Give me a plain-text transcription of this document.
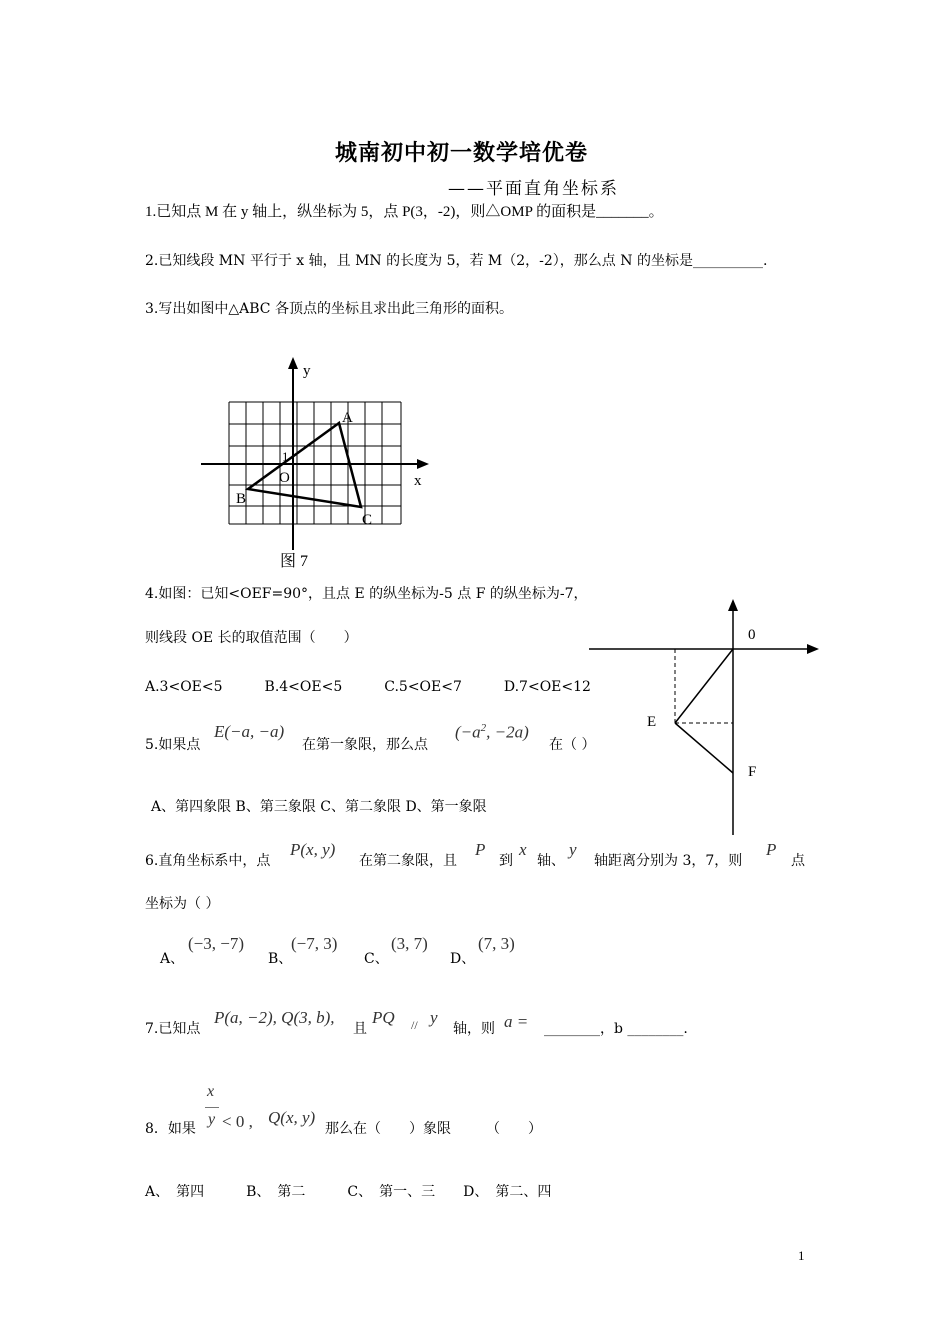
城南初中初一数学培优卷
——平面直角坐标系
1.已知点 M 在 y 轴上，纵坐标为 5，点 P(3，-2)，则△OMP 的面积是_______。
2.已知线段 MN 平行于 x 轴，且 MN 的长度为 5，若 M（2，-2），那么点 N 的坐标是__________.
3.写出如图中△ABC 各顶点的坐标且求出此三角形的面积。
y
x
1
O
A
B
C
图 7
4.如图：已知<OEF=90°，且点 E 的纵坐标为-5 点 F 的纵坐标为-7，
则线段 OE 长的取值范围（　　）
A.3<OE<5　　　B.4<OE<5　　　C.5<OE<7　　　D.7<OE<12
0
E
F
5.如果点
E(−a, −a)
在第一象限，那么点
($-a^2$, −2a)
在（ ）
A、第四象限 B、第三象限 C、第二象限 D、第一象限
6.直角坐标系中，点
P(x, y)
在第二象限，且
P
到
x
轴、
y
轴距离分别为 3，7，则
P
点
坐标为（ ）
A、
(−3, −7)
B、
(−7, 3)
C、
(3, 7)
D、
(7, 3)
7.已知点
P(a, −2), Q(3, b),
且
PQ // y
轴，则 a = ________，b ________.
8．如果
x
y < 0 , Q(x, y)
那么在（　　）象限　　　（　　）
A、　第四　　　B、　第二　　　C、　第一、三　　D、　第二、四
1
